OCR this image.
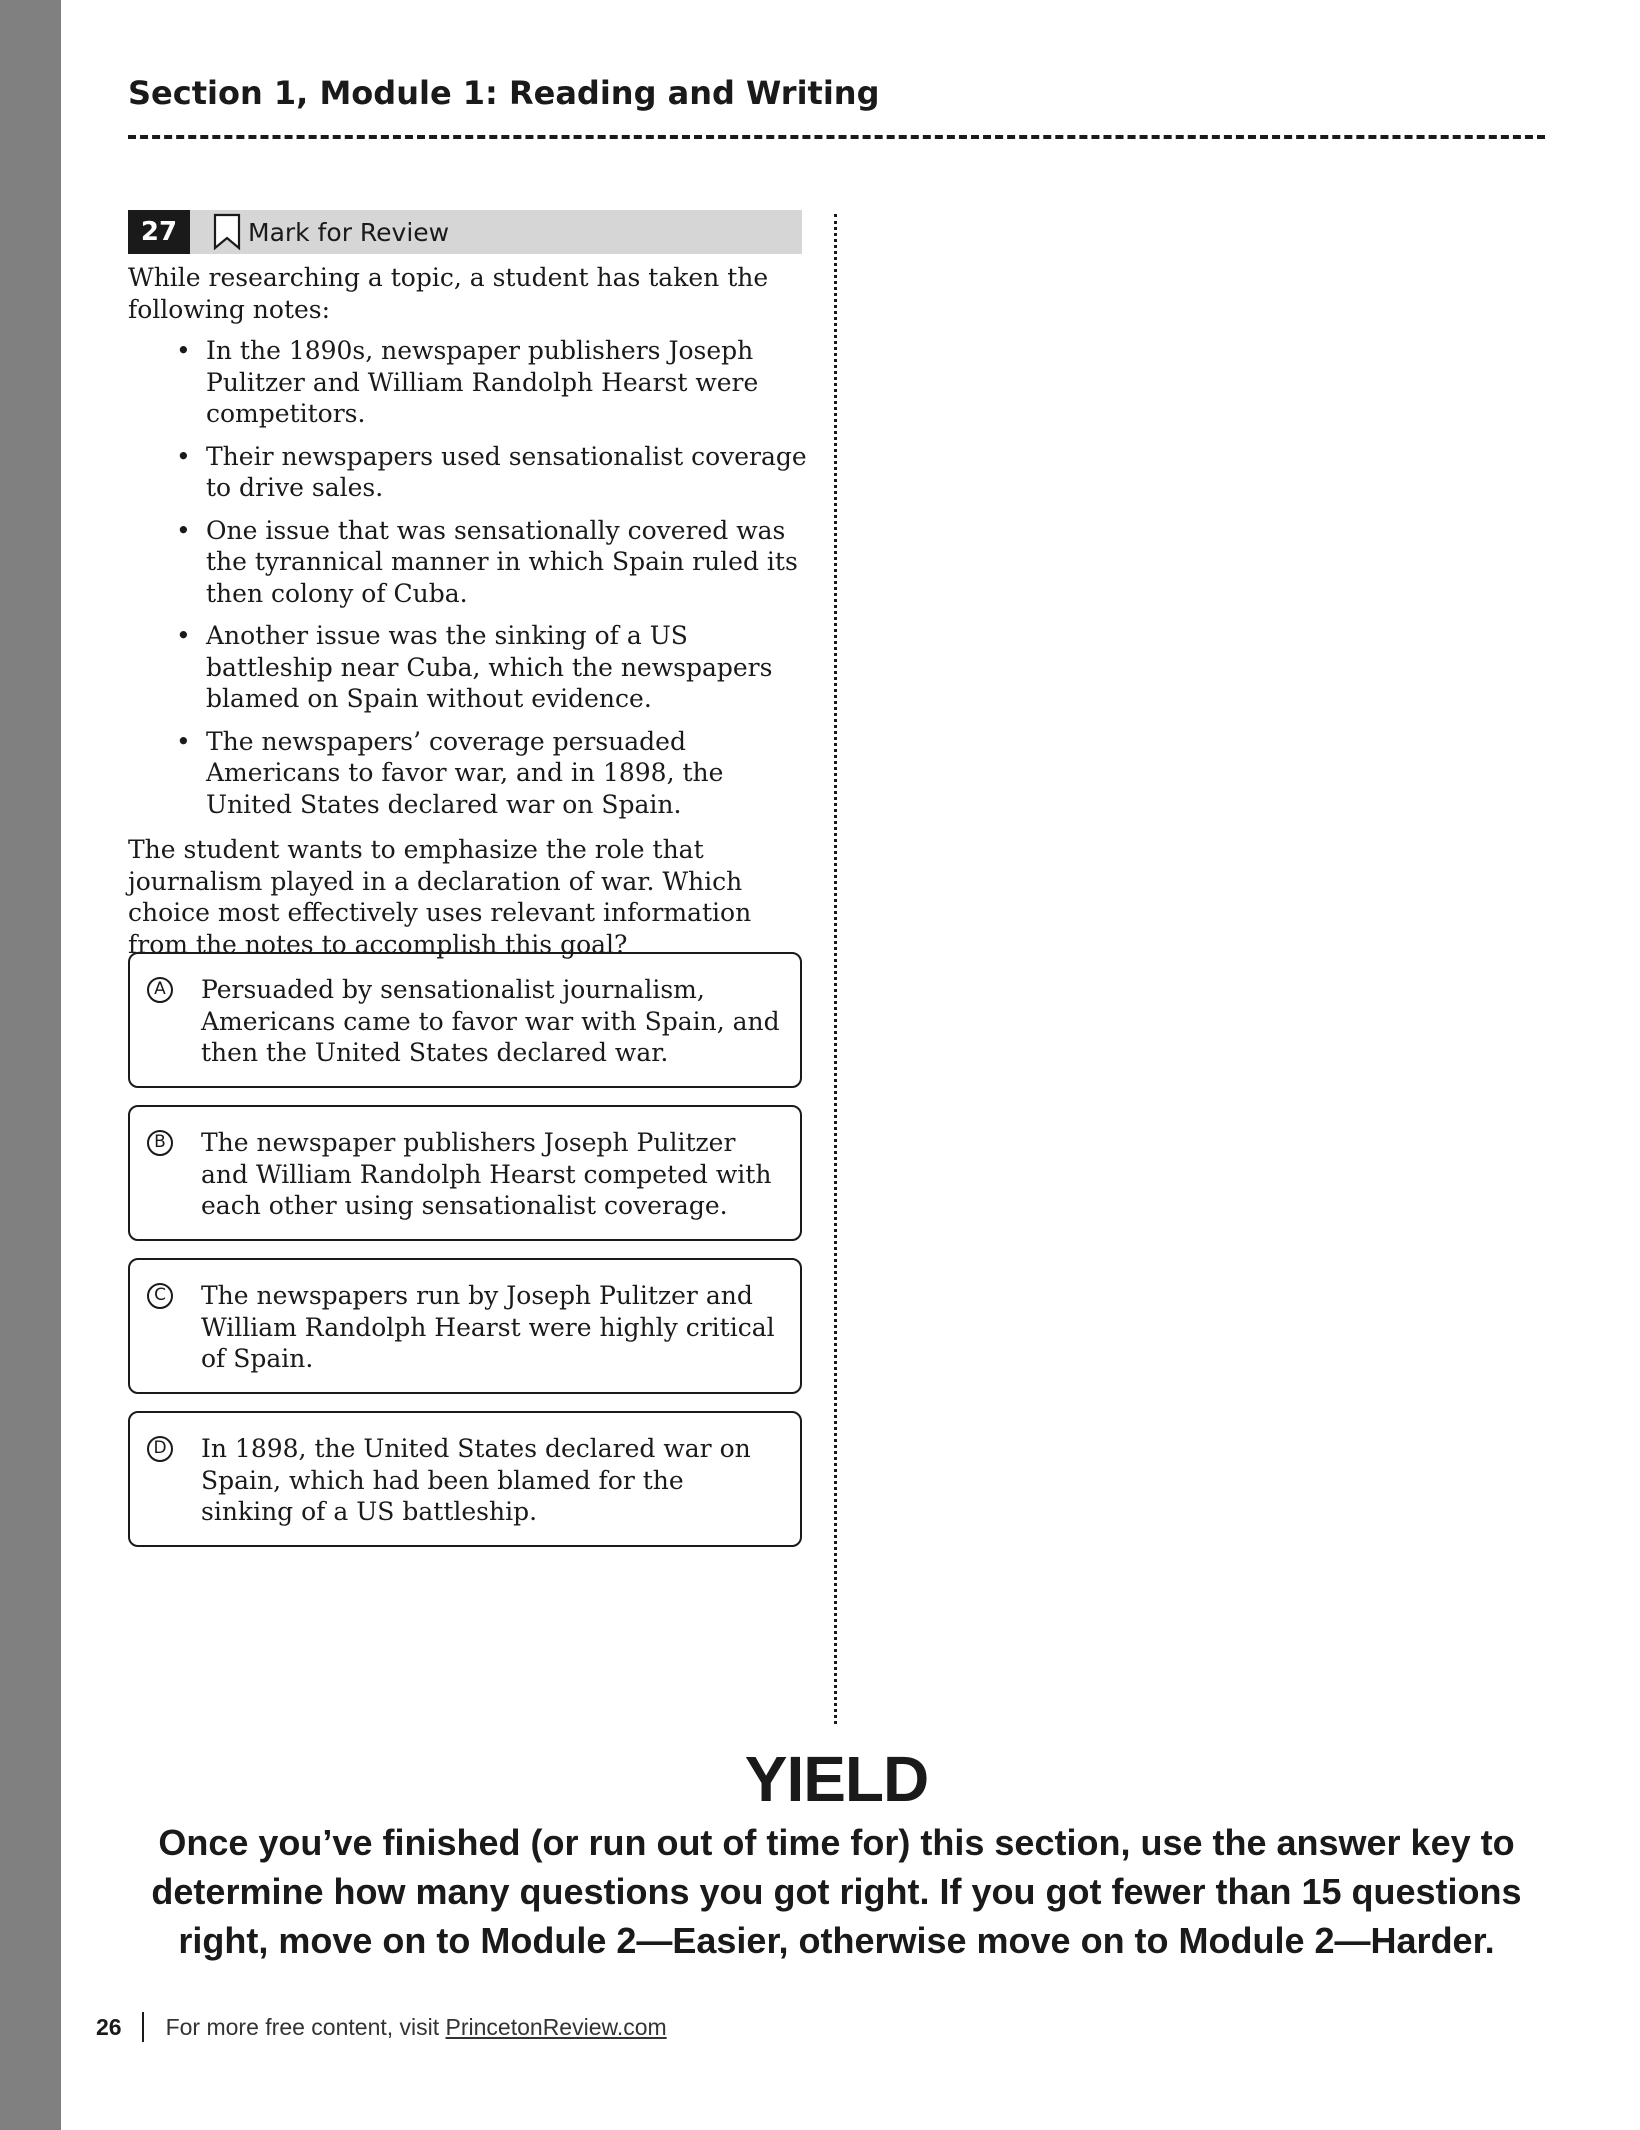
Section 1, Module 1: Reading and Writing
27	Mark for Review

While researching a topic, a student has taken the following notes:

• In the 1890s, newspaper publishers Joseph Pulitzer and William Randolph Hearst were competitors.
• Their newspapers used sensationalist coverage to drive sales.
• One issue that was sensationally covered was the tyrannical manner in which Spain ruled its then colony of Cuba.
• Another issue was the sinking of a US battleship near Cuba, which the newspapers blamed on Spain without evidence.
• The newspapers’ coverage persuaded Americans to favor war, and in 1898, the United States declared war on Spain.

The student wants to emphasize the role that journalism played in a declaration of war. Which choice most effectively uses relevant information from the notes to accomplish this goal?

A Persuaded by sensationalist journalism, Americans came to favor war with Spain, and then the United States declared war.
B The newspaper publishers Joseph Pulitzer and William Randolph Hearst competed with each other using sensationalist coverage.
C The newspapers run by Joseph Pulitzer and William Randolph Hearst were highly critical of Spain.
D In 1898, the United States declared war on Spain, which had been blamed for the sinking of a US battleship.
YIELD

Once you’ve finished (or run out of time for) this section, use the answer key to determine how many questions you got right. If you got fewer than 15 questions right, move on to Module 2—Easier, otherwise move on to Module 2—Harder.

26 For more free content, visit PrincetonReview.com
